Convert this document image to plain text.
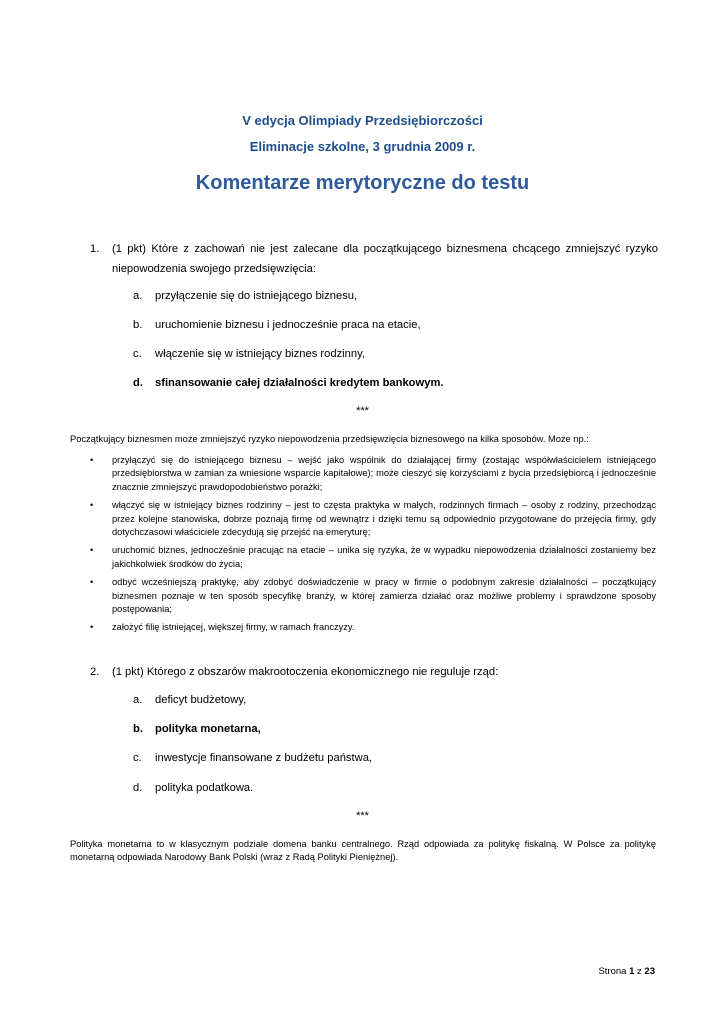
V edycja Olimpiady Przedsiębiorczości
Eliminacje szkolne, 3 grudnia 2009 r.
Komentarze merytoryczne do testu
1. (1 pkt) Które z zachowań nie jest zalecane dla początkującego biznesmena chcącego zmniejszyć ryzyko niepowodzenia swojego przedsięwzięcia:
a. przyłączenie się do istniejącego biznesu,
b. uruchomienie biznesu i jednocześnie praca na etacie,
c. włączenie się w istniejący biznes rodzinny,
d. sfinansowanie całej działalności kredytem bankowym.
***
Początkujący biznesmen może zmniejszyć ryzyko niepowodzenia przedsięwzięcia biznesowego na kilka sposobów. Może np.:
• przyłączyć się do istniejącego biznesu – wejść jako wspólnik do działającej firmy (zostając współwłaścicielem istniejącego przedsiębiorstwa w zamian za wniesione wsparcie kapitałowe); może cieszyć się korzyściami z bycia przedsiębiorcą i jednocześnie znacznie zmniejszyć prawdopodobieństwo porażki;
• włączyć się w istniejący biznes rodzinny – jest to częsta praktyka w małych, rodzinnych firmach – osoby z rodziny, przechodząc przez kolejne stanowiska, dobrze poznają firmę od wewnątrz i dzięki temu są odpowiednio przygotowane do przejęcia firmy, gdy dotychczasowi właściciele zdecydują się przejść na emeryturę;
• uruchomić biznes, jednocześnie pracując na etacie – unika się ryzyka, że w wypadku niepowodzenia działalności zostaniemy bez jakichkolwiek środków do życia;
• odbyć wcześniejszą praktykę, aby zdobyć doświadczenie w pracy w firmie o podobnym zakresie działalności – początkujący biznesmen poznaje w ten sposób specyfikę branży, w której zamierza działać oraz możliwe problemy i sprawdzone sposoby postępowania;
• założyć filię istniejącej, większej firmy, w ramach franczyzy.
2. (1 pkt) Którego z obszarów makrootoczenia ekonomicznego nie reguluje rząd:
a. deficyt budżetowy,
b. polityka monetarna,
c. inwestycje finansowane z budżetu państwa,
d. polityka podatkowa.
***
Polityka monetarna to w klasycznym podziale domena banku centralnego. Rząd odpowiada za politykę fiskalną. W Polsce za politykę monetarną odpowiada Narodowy Bank Polski (wraz z Radą Polityki Pieniężnej).
Strona 1 z 23
